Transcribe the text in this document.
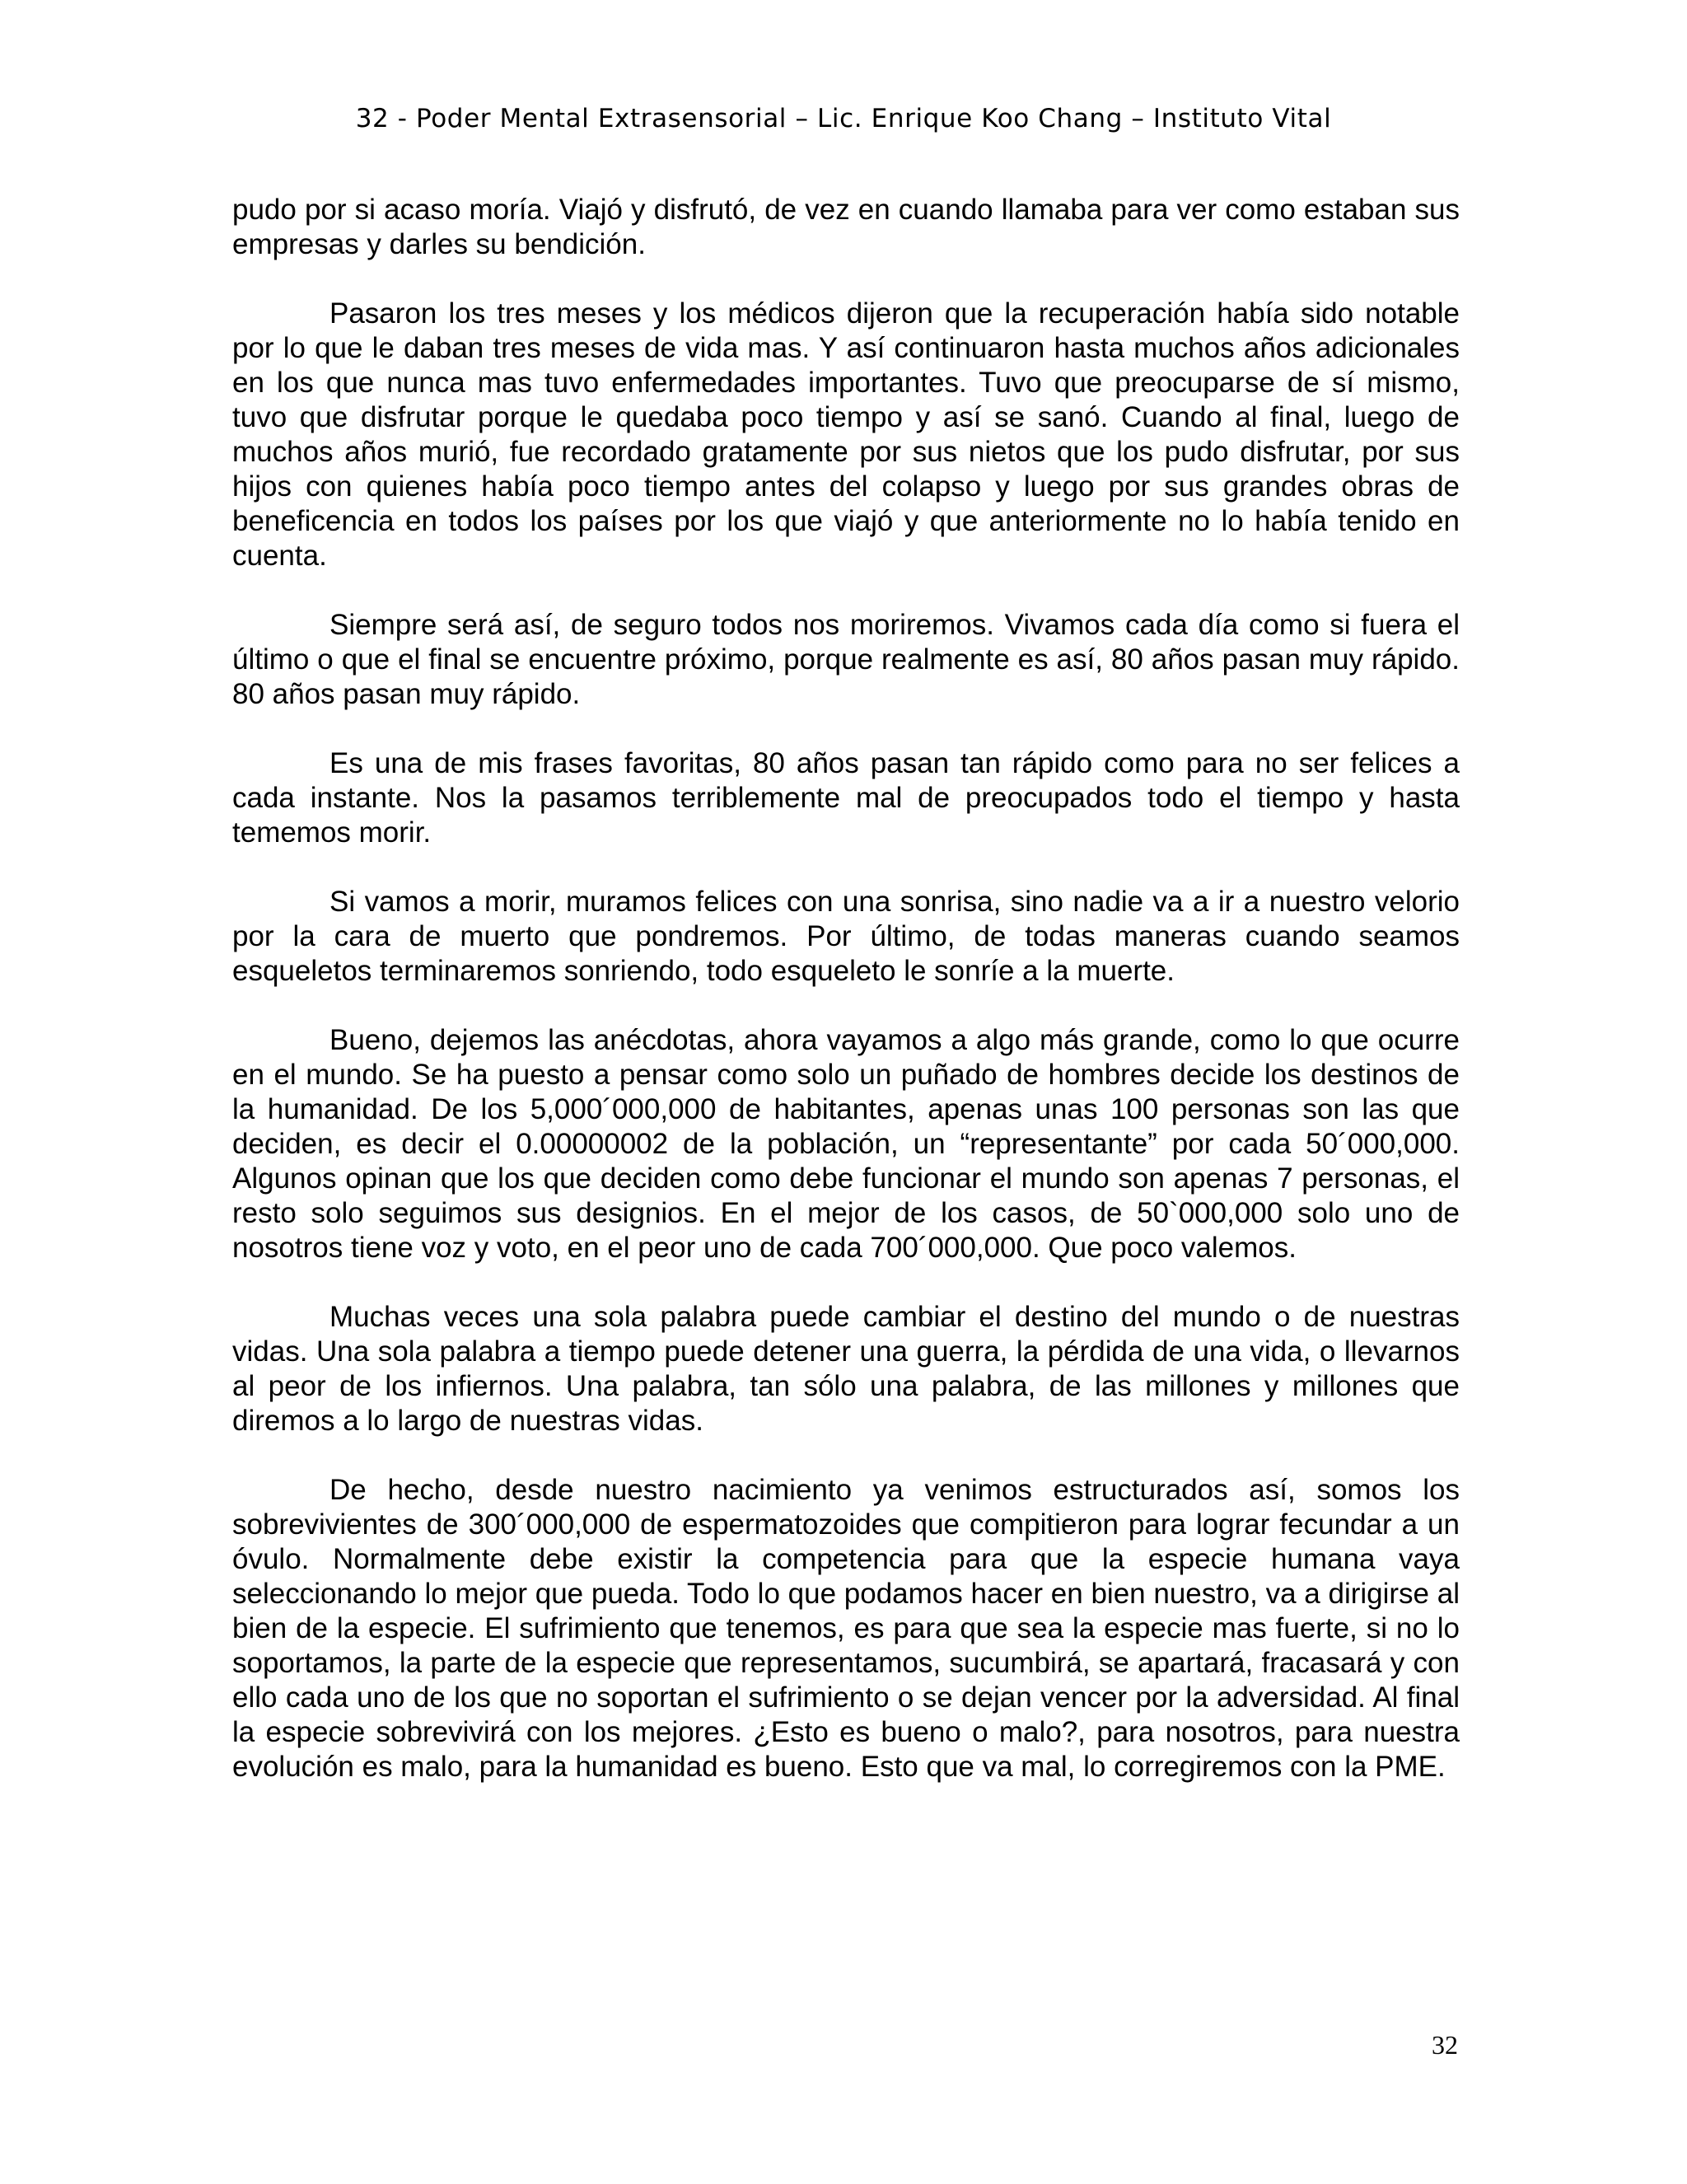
32 - Poder Mental Extrasensorial – Lic. Enrique Koo Chang – Instituto Vital

pudo por si acaso moría. Viajó y disfrutó, de vez en cuando llamaba para ver como estaban sus empresas y darles su bendición.

Pasaron los tres meses y los médicos dijeron que la recuperación había sido notable por lo que le daban tres meses de vida mas. Y así continuaron hasta muchos años adicionales en los que nunca mas tuvo enfermedades importantes. Tuvo que preocuparse de sí mismo, tuvo que disfrutar porque le quedaba poco tiempo y así se sanó. Cuando al final, luego de muchos años murió, fue recordado gratamente por sus nietos que los pudo disfrutar, por sus hijos con quienes había poco tiempo antes del colapso y luego por sus grandes obras de beneficencia en todos los países por los que viajó y que anteriormente no lo había tenido en cuenta.

Siempre será así, de seguro todos nos moriremos. Vivamos cada día como si fuera el último o que el final se encuentre próximo, porque realmente es así, 80 años pasan muy rápido. 80 años pasan muy rápido.

Es una de mis frases favoritas, 80 años pasan tan rápido como para no ser felices a cada instante. Nos la pasamos terriblemente mal de preocupados todo el tiempo y hasta tememos morir.

Si vamos a morir, muramos felices con una sonrisa, sino nadie va a ir a nuestro velorio por la cara de muerto que pondremos. Por último, de todas maneras cuando seamos esqueletos terminaremos sonriendo, todo esqueleto le sonríe a la muerte.

Bueno, dejemos las anécdotas, ahora vayamos a algo más grande, como lo que ocurre en el mundo. Se ha puesto a pensar como solo un puñado de hombres decide los destinos de la humanidad. De los 5,000´000,000 de habitantes, apenas unas 100 personas son las que deciden, es decir el 0.00000002 de la población, un “representante” por cada 50´000,000. Algunos opinan que los que deciden como debe funcionar el mundo son apenas 7 personas, el resto solo seguimos sus designios. En el mejor de los casos, de 50`000,000 solo uno de nosotros tiene voz y voto, en el peor uno de cada 700´000,000. Que poco valemos.

Muchas veces una sola palabra puede cambiar el destino del mundo o de nuestras vidas. Una sola palabra a tiempo puede detener una guerra, la pérdida de una vida, o llevarnos al peor de los infiernos. Una palabra, tan sólo una palabra, de las millones y millones que diremos a lo largo de nuestras vidas.

De hecho, desde nuestro nacimiento ya venimos estructurados así, somos los sobrevivientes de 300´000,000 de espermatozoides que compitieron para lograr fecundar a un óvulo. Normalmente debe existir la competencia para que la especie humana vaya seleccionando lo mejor que pueda. Todo lo que podamos hacer en bien nuestro, va a dirigirse al bien de la especie. El sufrimiento que tenemos, es para que sea la especie mas fuerte, si no lo soportamos, la parte de la especie que representamos, sucumbirá, se apartará, fracasará y con ello cada uno de los que no soportan el sufrimiento o se dejan vencer por la adversidad. Al final la especie sobrevivirá con los mejores. ¿Esto es bueno o malo?, para nosotros, para nuestra evolución es malo, para la humanidad es bueno. Esto que va mal, lo corregiremos con la PME.

32
